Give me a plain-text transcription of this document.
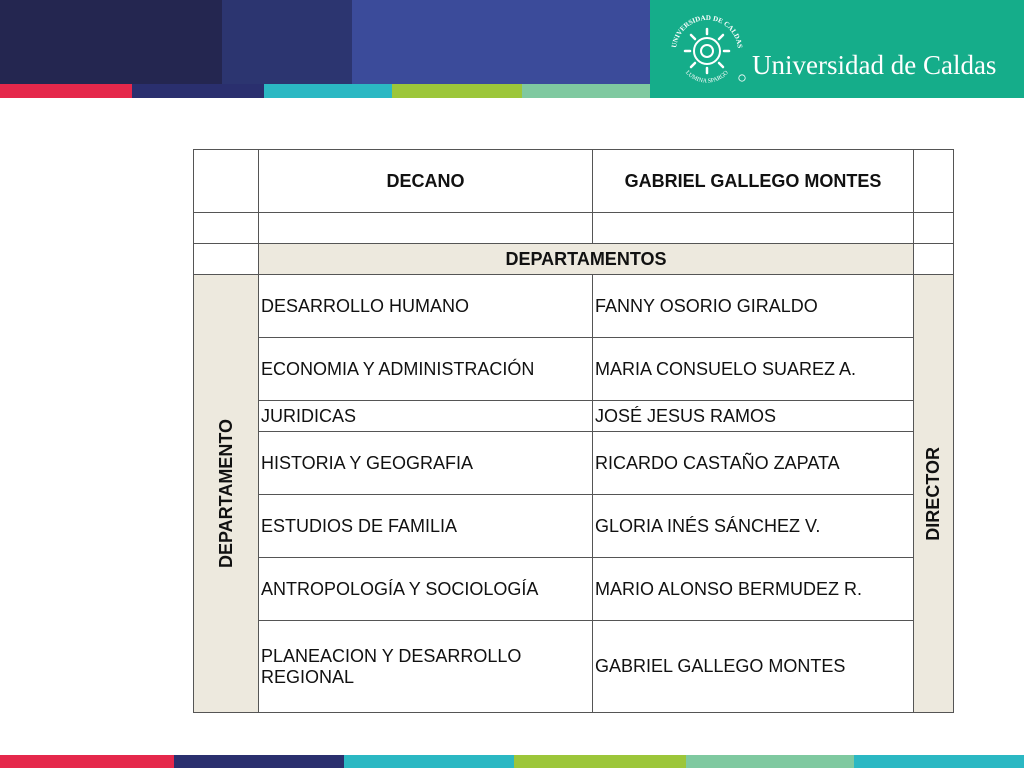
UNIVERSIDAD DE CALDAS
LUMINA SPARGO Universidad de Caldas
	DECANO	GABRIEL GALLEGO MONTES	

	DEPARTAMENTOS		

DEPARTAMENTO	DESARROLLO HUMANO	FANNY OSORIO GIRALDO	DIRECTOR

	ECONOMIA Y ADMINISTRACIÓN	MARIA CONSUELO SUAREZ A.	
	JURIDICAS	JOSÉ JESUS RAMOS	
	HISTORIA Y GEOGRAFIA	RICARDO CASTAÑO ZAPATA	
	ESTUDIOS DE FAMILIA	GLORIA INÉS SÁNCHEZ V.	
	ANTROPOLOGÍA Y SOCIOLOGÍA	MARIO ALONSO BERMUDEZ R.	
	PLANEACION Y DESARROLLO REGIONAL	GABRIEL GALLEGO MONTES	
